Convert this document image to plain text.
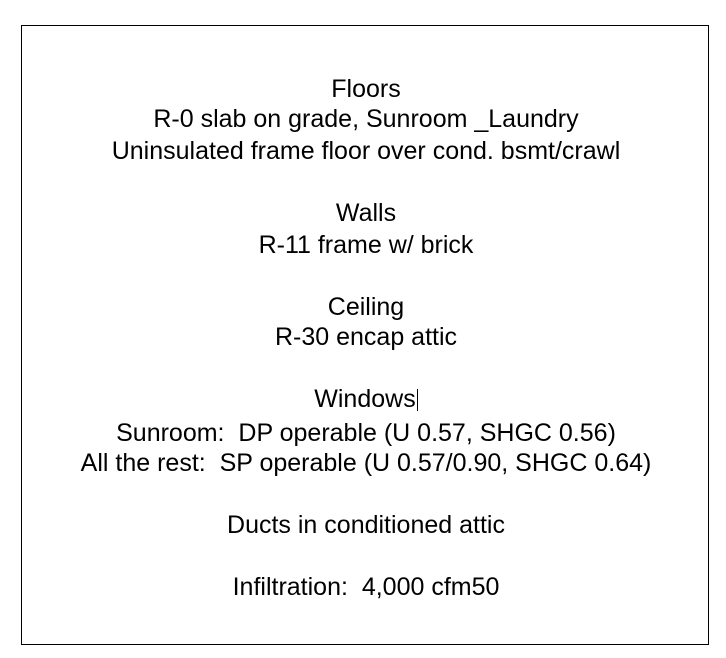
Floors
R-0 slab on grade, Sunroom _Laundry
Uninsulated frame floor over cond. bsmt/crawl
Walls
R-11 frame w/ brick
Ceiling
R-30 encap attic
Windows
Sunroom:  DP operable (U 0.57, SHGC 0.56)
All the rest:  SP operable (U 0.57/0.90, SHGC 0.64)
Ducts in conditioned attic
Infiltration:  4,000 cfm50
